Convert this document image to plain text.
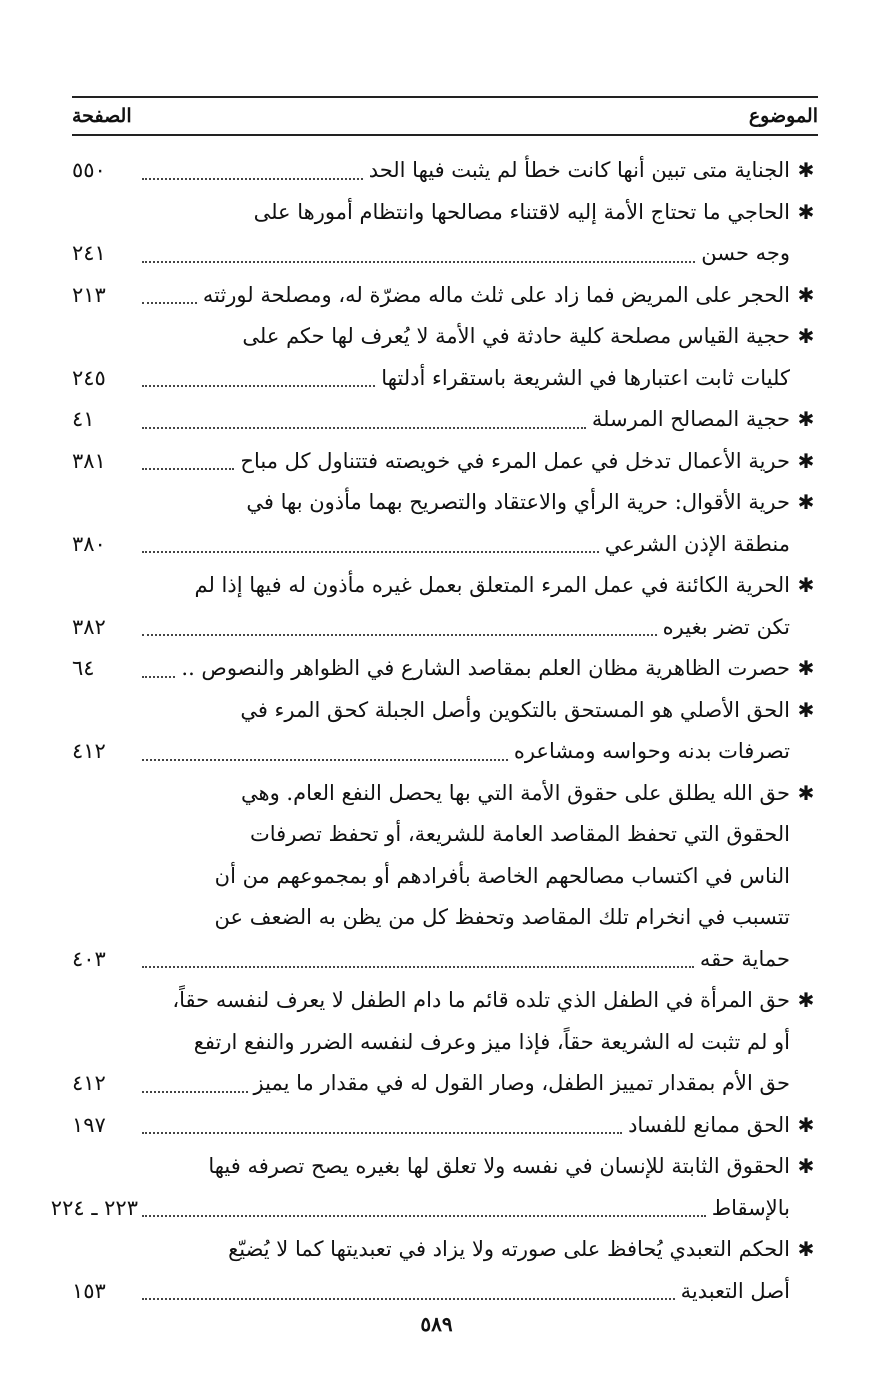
الصفحة	الموضوع
✱
الجناية متى تبين أنها كانت خطأ لم يثبت فيها الحد
٥٥٠
✱
الحاجي ما تحتاج الأمة إليه لاقتناء مصالحها وانتظام أمورها على
وجه حسن
٢٤١
✱
الحجر على المريض فما زاد على ثلث ماله مضرّة له، ومصلحة لورثته
٢١٣
✱
حجية القياس مصلحة كلية حادثة في الأمة لا يُعرف لها حكم على
كليات ثابت اعتبارها في الشريعة باستقراء أدلتها
٢٤٥
✱
حجية المصالح المرسلة
٤١
✱
حرية الأعمال تدخل في عمل المرء في خويصته فتتناول كل مباح
٣٨١
✱
حرية الأقوال: حرية الرأي والاعتقاد والتصريح بهما مأذون بها في
منطقة الإذن الشرعي
٣٨٠
✱
الحرية الكائنة في عمل المرء المتعلق بعمل غيره مأذون له فيها إذا لم
تكن تضر بغيره
٣٨٢
✱
حصرت الظاهرية مظان العلم بمقاصد الشارع في الظواهر والنصوص ..
٦٤
✱
الحق الأصلي هو المستحق بالتكوين وأصل الجبلة كحق المرء في
تصرفات بدنه وحواسه ومشاعره
٤١٢
✱
حق الله يطلق على حقوق الأمة التي بها يحصل النفع العام. وهي
الحقوق التي تحفظ المقاصد العامة للشريعة، أو تحفظ تصرفات
الناس في اكتساب مصالحهم الخاصة بأفرادهم أو بمجموعهم من أن
تتسبب في انخرام تلك المقاصد وتحفظ كل من يظن به الضعف عن
حماية حقه
٤٠٣
✱
حق المرأة في الطفل الذي تلده قائم ما دام الطفل لا يعرف لنفسه حقاً،
أو لم تثبت له الشريعة حقاً، فإذا ميز وعرف لنفسه الضرر والنفع ارتفع
حق الأم بمقدار تمييز الطفل، وصار القول له في مقدار ما يميز
٤١٢
✱
الحق ممانع للفساد
١٩٧
✱
الحقوق الثابتة للإنسان في نفسه ولا تعلق لها بغيره يصح تصرفه فيها
بالإسقاط
٢٢٣ ـ ٢٢٤
✱
الحكم التعبدي يُحافظ على صورته ولا يزاد في تعبديتها كما لا يُضيّع
أصل التعبدية
١٥٣
٥٨٩
